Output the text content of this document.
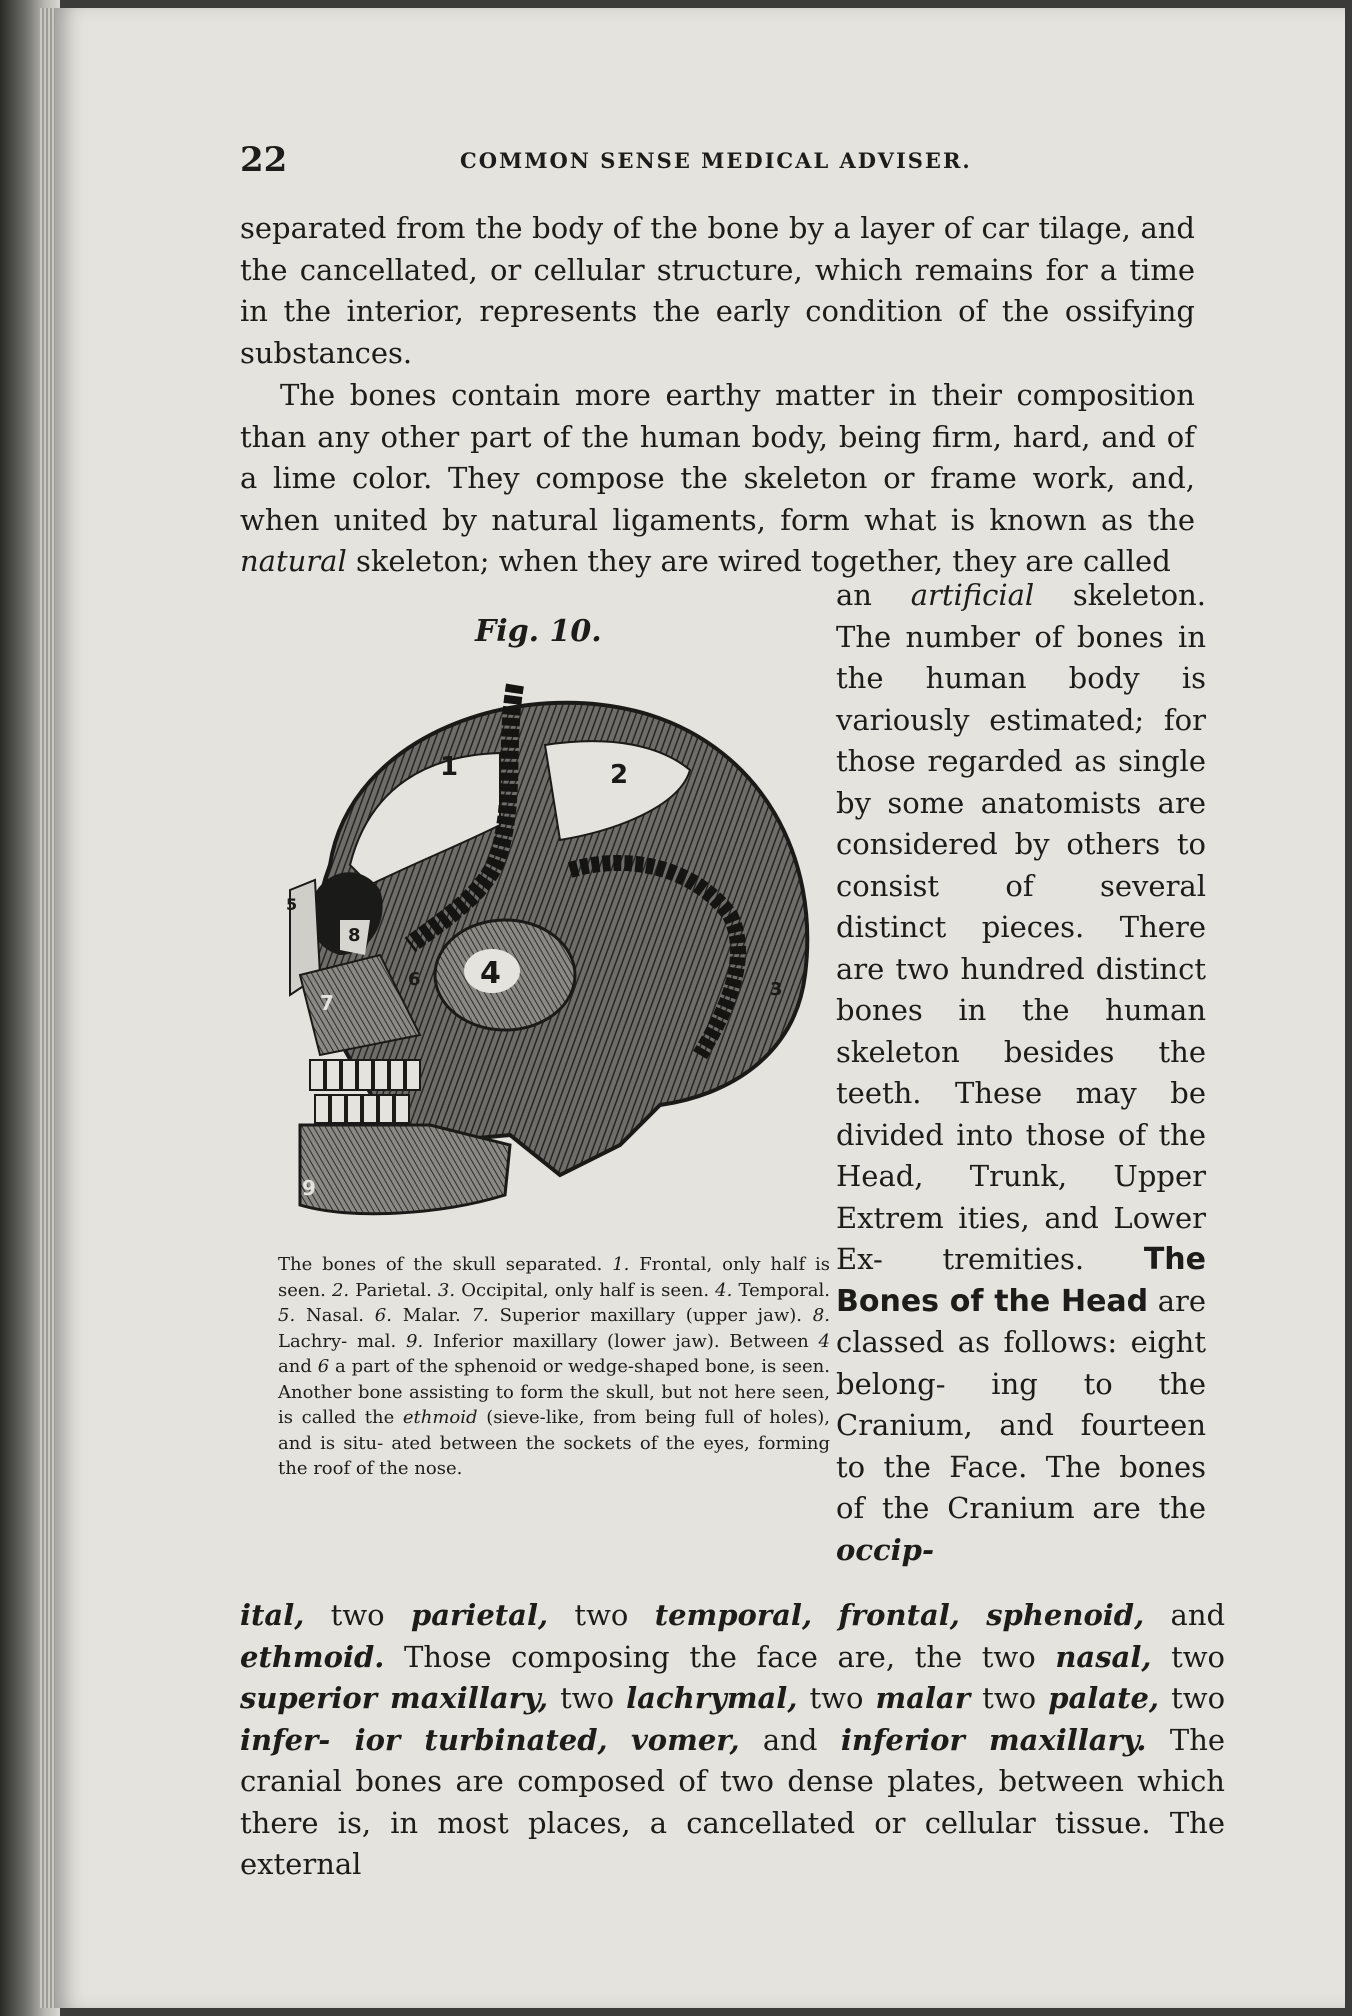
22	COMMON SENSE MEDICAL ADVISER.
separated from the body of the bone by a layer of car tilage, and the cancellated, or cellular structure, which remains for a time in the interior, represents the early condition of the ossifying substances.
The bones contain more earthy matter in their composition than any other part of the human body, being firm, hard, and of a lime color. They compose the skeleton or frame work, and, when united by natural ligaments, form what is known as the natural skeleton; when they are wired together, they are called
Fig. 10.
1	2
3
4
5
6
7
8
9
The bones of the skull separated. 1. Frontal, only half is seen. 2. Parietal. 3. Occipital, only half is seen. 4. Temporal. 5. Nasal. 6. Malar. 7. Superior maxillary (upper jaw). 8. Lachry- mal. 9. Inferior maxillary (lower jaw). Between 4 and 6 a part of the sphenoid or wedge-shaped bone, is seen. Another bone assisting to form the skull, but not here seen, is called the ethmoid (sieve-like, from being full of holes), and is situ- ated between the sockets of the eyes, forming the roof of the nose.
an artificial skeleton. The number of bones in the human body is variously estimated; for those regarded as single by some anatomists are considered by others to consist of several distinct pieces. There are two hundred distinct bones in the human skeleton besides the teeth. These may be divided into those of the Head, Trunk, Upper Extrem ities, and Lower Ex- tremities. The Bones of the Head are classed as follows: eight belong- ing to the Cranium, and fourteen to the Face. The bones of the Cranium are the occip-
ital, two parietal, two temporal, frontal, sphenoid, and ethmoid. Those composing the face are, the two nasal, two superior maxillary, two lachrymal, two malar two palate, two infer- ior turbinated, vomer, and inferior maxillary. The cranial bones are composed of two dense plates, between which there is, in most places, a cancellated or cellular tissue. The external
